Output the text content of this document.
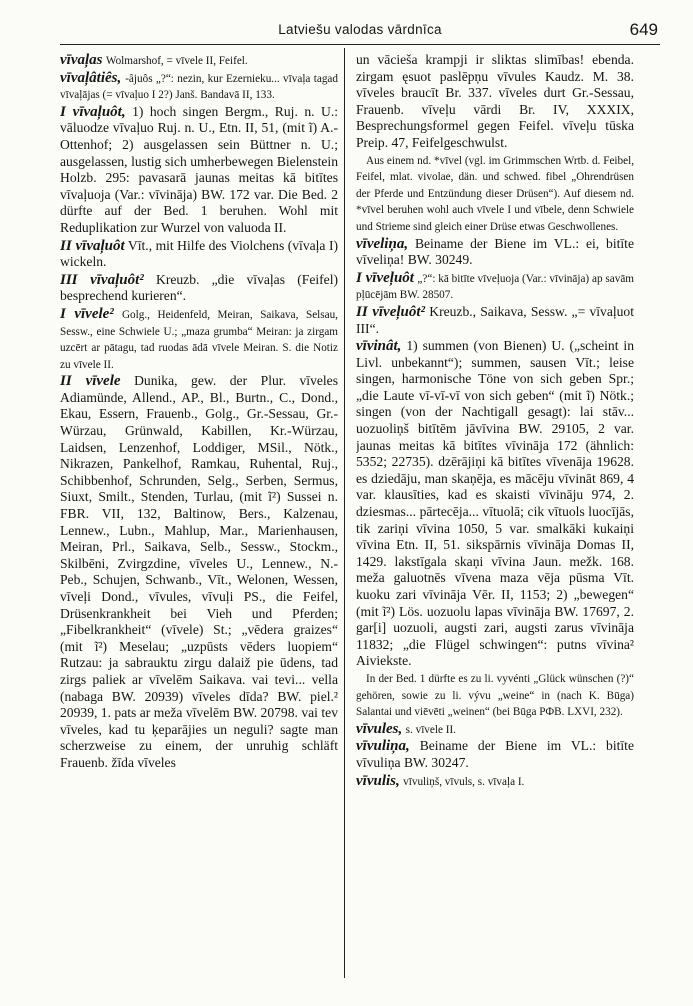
Latviešu valodas vārdnīca	649

vīvaļas Wolmarshof, = vīvele II, Feifel.

vīvaļâtiês, -âjuôs „?“: nezin, kur Ezernieku... vīvaļa tagad vīvaļājas (= vīvaļuo I 2?) Janš. Bandavā II, 133.

I vīvaļuôt, 1) hoch singen Bergm., Ruj. n. U.: vāluodze vīvaļuo Ruj. n. U., Etn. II, 51, (mit ĩ) A.-Ottenhof; 2) ausgelassen sein Büttner n. U.; ausgelassen, lustig sich umherbewegen Bielenstein Holzb. 295: pavasarā jaunas meitas kā bitītes vīvaļuoja (Var.: vīvināja) BW. 172 var. Die Bed. 2 dürfte auf der Bed. 1 beruhen. Wohl mit Reduplikation zur Wurzel von valuoda II.

II vīvaļuôt Vīt., mit Hilfe des Violchens (vīvaļa I) wickeln.

III vīvaļuôt² Kreuzb. „die vīvaļas (Feifel) besprechend kurieren“.

I vīvele² Golg., Heidenfeld, Meiran, Saikava, Selsau, Sessw., eine Schwiele U.; „maza grumba“ Meiran: ja zirgam uzcērt ar pātagu, tad ruodas ādā vīvele Meiran. S. die Notiz zu vīvele II.

II vīvele Dunika, gew. der Plur. vīveles Adiamünde, Allend., AP., Bl., Burtn., C., Dond., Ekau, Essern, Frauenb., Golg., Gr.-Sessau, Gr.-Würzau, Grünwald, Kabillen, Kr.-Würzau, Laidsen, Lenzenhof, Loddiger, MSil., Nötk., Nikrazen, Pankelhof, Ramkau, Ruhental, Ruj., Schibbenhof, Schrunden, Selg., Serben, Sermus, Siuxt, Smilt., Stenden, Turlau, (mit ĩ²) Sussei n. FBR. VII, 132, Baltinow, Bers., Kalzenau, Lennew., Lubn., Mahlup, Mar., Marienhausen, Meiran, Prl., Saikava, Selb., Sessw., Stockm., Skilbēni, Zvirgzdine, vīveles U., Lennew., N.-Peb., Schujen, Schwanb., Vīt., Welonen, Wessen, vīveļi Dond., vīvules, vīvuļi PS., die Feifel, Drüsenkrankheit bei Vieh und Pferden; „Fibelkrankheit“ (vīvele) St.; „vēdera graizes“ (mit ĩ²) Meselau; „uzpūsts vēders luopiem“ Rutzau: ja sabrauktu zirgu dalaiž pie ūdens, tad zirgs paliek ar vīvelēm Saikava. vai tevi... vella (nabaga BW. 20939) vīveles dīda? BW. piel.² 20939, 1. pats ar meža vīvelēm BW. 20798. vai tev vīveles, kad tu ķeparājies un neguli? sagte man scherzweise zu einem, der unruhig schläft Frauenb. žīda vīveles

un vāciešа krampji ir sliktas slimības! ebenda. zirgam ęsuot paslēpņu vīvules Kaudz. M. 38. vīveles braucīt Br. 337. vīveles durt Gr.-Sessau, Frauenb. vīveļu vārdi Br. IV, XXXIX, Besprechungsformel gegen Feifel. vīveļu tūska Preip. 47, Feifelgeschwulst.

Aus einem nd. *vīvel (vgl. im Grimmschen Wrtb. d. Feibel, Feifel, mlat. vivolae, dän. und schwed. fibel „Ohrendrüsen der Pferde und Entzündung dieser Drüsen“). Auf diesem nd. *vīvel beruhen wohl auch vīvele I und vībele, denn Schwiele und Strieme sind gleich einer Drüse etwas Geschwollenes.

vīveliņa, Beiname der Biene im VL.: ei, bitīte vīveliņa! BW. 30249.

I vīveļuôt „?“: kā bitīte vīveļuoja (Var.: vīvināja) ap savām pļūcējām BW. 28507.

II vīveļuôt² Kreuzb., Saikava, Sessw. „= vīvaļuot III“.

vīvinât, 1) summen (von Bienen) U. („scheint in Livl. unbekannt“); summen, sausen Vīt.; leise singen, harmonische Töne von sich geben Spr.; „die Laute vī-vī-vī von sich geben“ (mit ĩ) Nötk.; singen (von der Nachtigall gesagt): lai stāv... uozuoliņš bitītēm jāvīvina BW. 29105, 2 var. jaunas meitas kā bitītes vīvināja 172 (ähnlich: 5352; 22735). dzērājiņi kā bitītes vīvenāja 19628. es dziedāju, man skaņēja, es mācēju vīvināt 869, 4 var. klausīties, kad es skaisti vīvināju 974, 2. dziesmas... pārtecēja... vītuolā; cik vītuols luocījās, tik zariņi vīvina 1050, 5 var. smalkāki kukaiņi vīvina Etn. II, 51. sikspārnis vīvināja Domas II, 1429. lakstīgala skaņi vīvina Jaun. mežk. 168. meža galuotnēs vīvena maza vēja pūsma Vīt. kuoku zari vīvināja Vēr. II, 1153; 2) „bewegen“ (mit ĩ²) Lös. uozuolu lapas vīvināja BW. 17697, 2. gar[i] uozuoli, augsti zari, augsti zarus vīvināja 11832; „die Flügel schwingen“: putns vīvina² Aiviekste.

In der Bed. 1 dürfte es zu li. vyvénti „Glück wünschen (?)“ gehören, sowie zu li. vývu „weine“ in (nach K. Būga) Salantai und viēvēti „weinen“ (bei Būga РФВ. LXVI, 232).

vīvules, s. vīvele II.

vīvuliņa, Beiname der Biene im VL.: bitīte vīvuliņa BW. 30247.

vīvulis, vīvuliņš, vīvuls, s. vīvaļa I.
